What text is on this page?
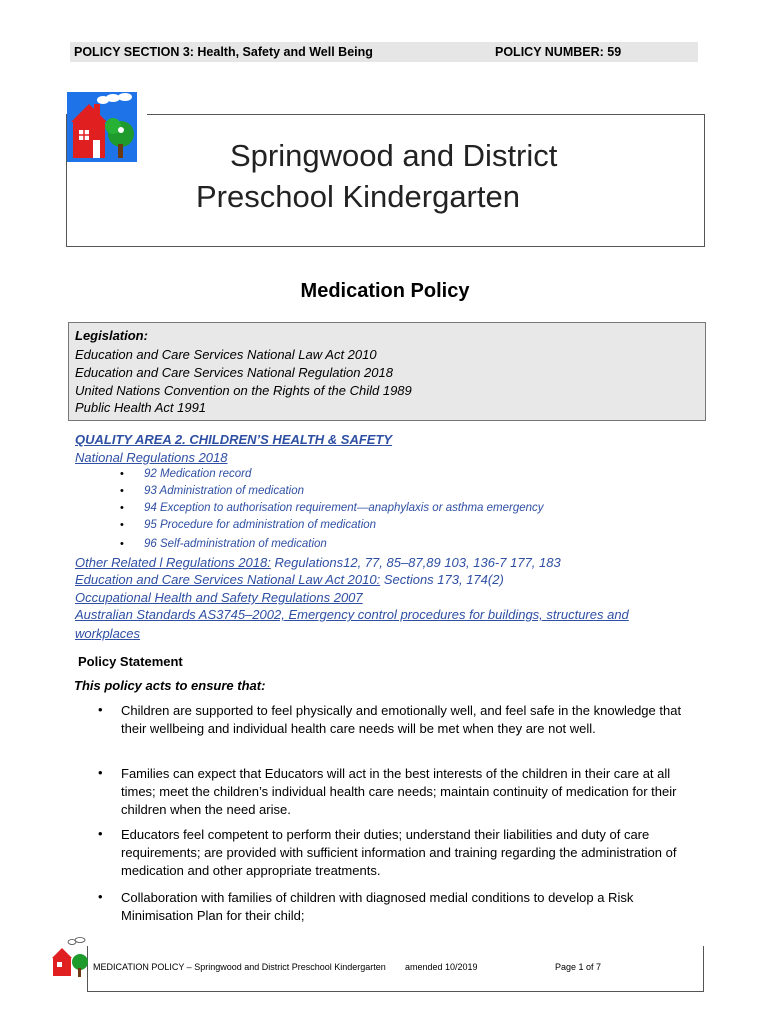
POLICY SECTION 3: Health, Safety and Well Being	POLICY NUMBER: 59
Springwood and District
Preschool Kindergarten
Medication Policy
Legislation:
Education and Care Services National Law Act 2010
Education and Care Services National Regulation 2018
United Nations Convention on the Rights of the Child 1989
Public Health Act 1991
QUALITY AREA 2. CHILDREN’S HEALTH & SAFETY
National Regulations 2018
• 92 Medication record
• 93 Administration of medication
• 94 Exception to authorisation requirement—anaphylaxis or asthma emergency
• 95 Procedure for administration of medication
• 96 Self-administration of medication
Other Related l Regulations 2018: Regulations12, 77, 85–87,89 103, 136-7 177, 183
Education and Care Services National Law Act 2010: Sections 173, 174(2)
Occupational Health and Safety Regulations 2007
Australian Standards AS3745–2002, Emergency control procedures for buildings, structures and
workplaces
Policy Statement
This policy acts to ensure that:
• Children are supported to feel physically and emotionally well, and feel safe in the knowledge that their wellbeing and individual health care needs will be met when they are not well.
• Families can expect that Educators will act in the best interests of the children in their care at all times; meet the children’s individual health care needs; maintain continuity of medication for their children when the need arise.
• Educators feel competent to perform their duties; understand their liabilities and duty of care requirements; are provided with sufficient information and training regarding the administration of medication and other appropriate treatments.
• Collaboration with families of children with diagnosed medial conditions to develop a Risk Minimisation Plan for their child;
MEDICATION POLICY – Springwood and District Preschool Kindergarten amended 10/2019	Page 1 of 7
